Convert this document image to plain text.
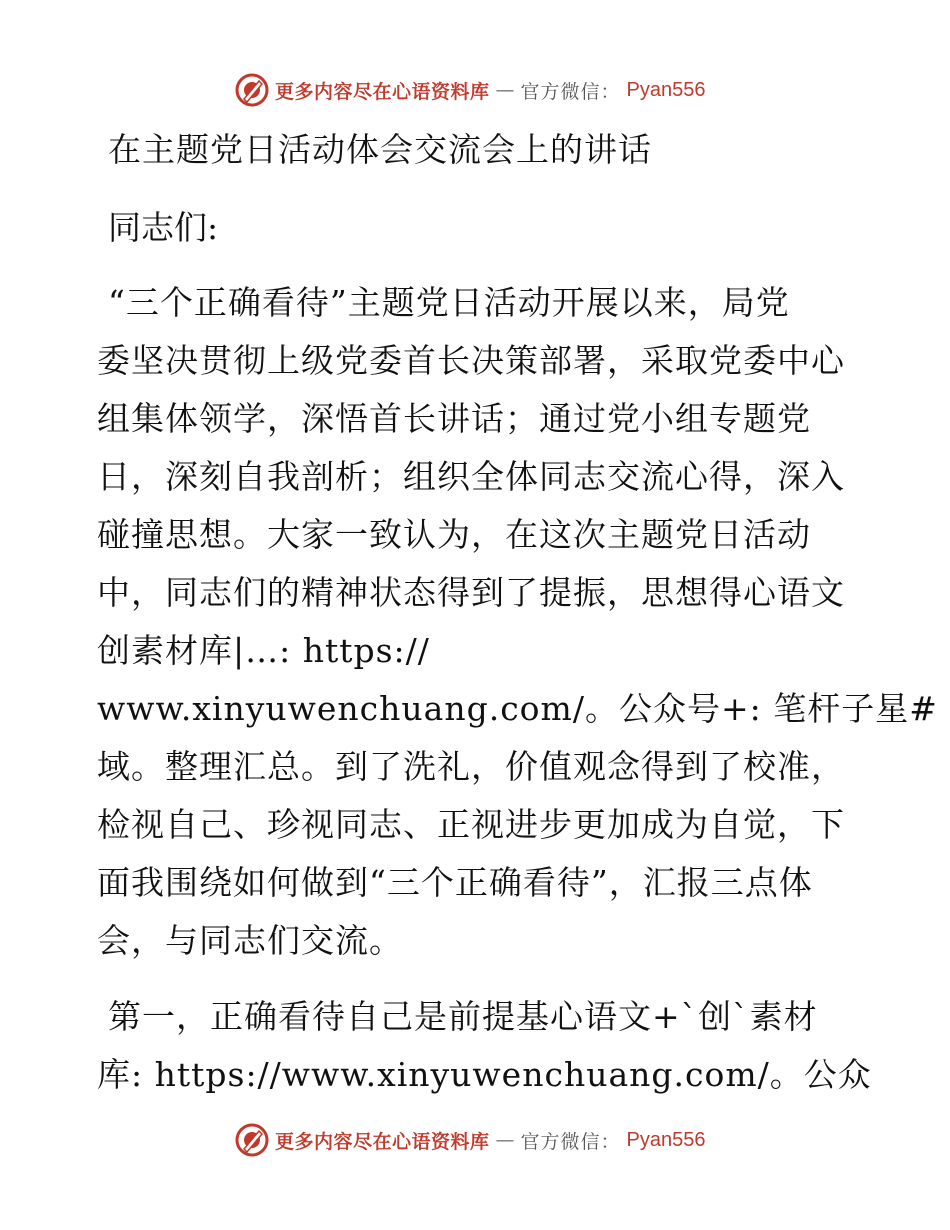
更多内容尽在心语资料库 — 官方微信： Pyan556
在主题党日活动体会交流会上的讲话
同志们:
“三个正确看待”主题党日活动开展以来，局党
委坚决贯彻上级党委首长决策部署，采取党委中心
组集体领学，深悟首长讲话；通过党小组专题党
日，深刻自我剖析；组织全体同志交流心得，深入
碰撞思想。大家一致认为，在这次主题党日活动
中，同志们的精神状态得到了提振，思想得心语文
创素材库|…: https://
www.xinyuwenchuang.com/。公众号+: 笔杆子星#
域。整理汇总。到了洗礼，价值观念得到了校准，
检视自己、珍视同志、正视进步更加成为自觉，下
面我围绕如何做到“三个正确看待”，汇报三点体
会，与同志们交流。
第一，正确看待自己是前提基心语文+`创`素材
库: https://www.xinyuwenchuang.com/。公众
更多内容尽在心语资料库 — 官方微信： Pyan556
